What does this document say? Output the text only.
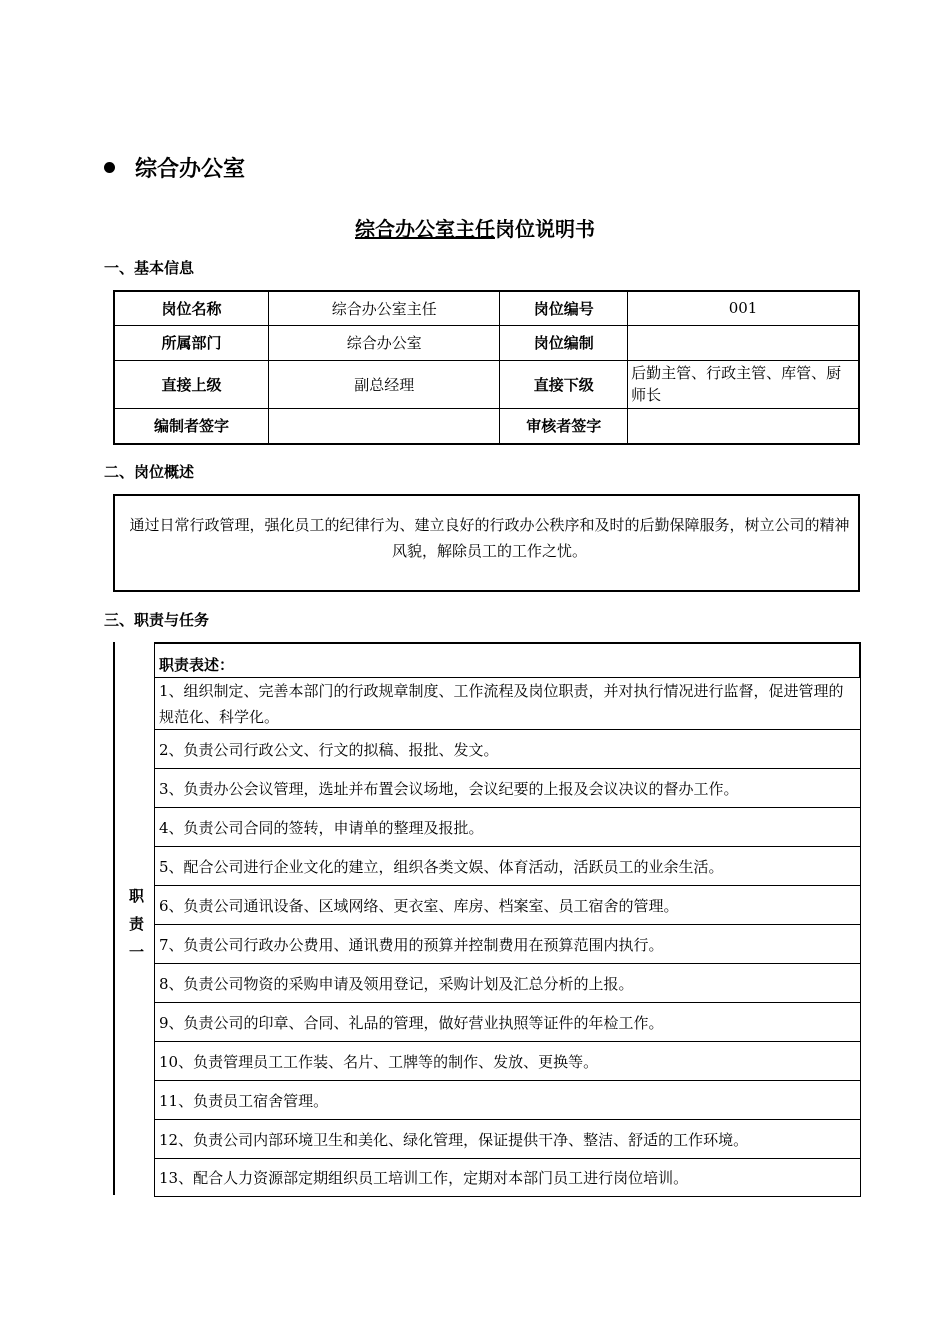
综合办公室
综合办公室主任岗位说明书
一、基本信息
岗位名称	综合办公室主任	岗位编号	001
所属部门	综合办公室	岗位编制	
直接上级	副总经理	直接下级	后勤主管、行政主管、库管、厨师长
编制者签字		审核者签字	
二、岗位概述
通过日常行政管理，强化员工的纪律行为、建立良好的行政办公秩序和及时的后勤保障服务，树立公司的精神风貌，解除员工的工作之忧。
三、职责与任务
职责一
职责表述：
1、组织制定、完善本部门的行政规章制度、工作流程及岗位职责，并对执行情况进行监督，促进管理的规范化、科学化。
2、负责公司行政公文、行文的拟稿、报批、发文。
3、负责办公会议管理，选址并布置会议场地，会议纪要的上报及会议决议的督办工作。
4、负责公司合同的签转，申请单的整理及报批。
5、配合公司进行企业文化的建立，组织各类文娱、体育活动，活跃员工的业余生活。
6、负责公司通讯设备、区域网络、更衣室、库房、档案室、员工宿舍的管理。
7、负责公司行政办公费用、通讯费用的预算并控制费用在预算范围内执行。
8、负责公司物资的采购申请及领用登记，采购计划及汇总分析的上报。
9、负责公司的印章、合同、礼品的管理，做好营业执照等证件的年检工作。
10、负责管理员工工作装、名片、工牌等的制作、发放、更换等。
11、负责员工宿舍管理。
12、负责公司内部环境卫生和美化、绿化管理，保证提供干净、整洁、舒适的工作环境。
13、配合人力资源部定期组织员工培训工作，定期对本部门员工进行岗位培训。
